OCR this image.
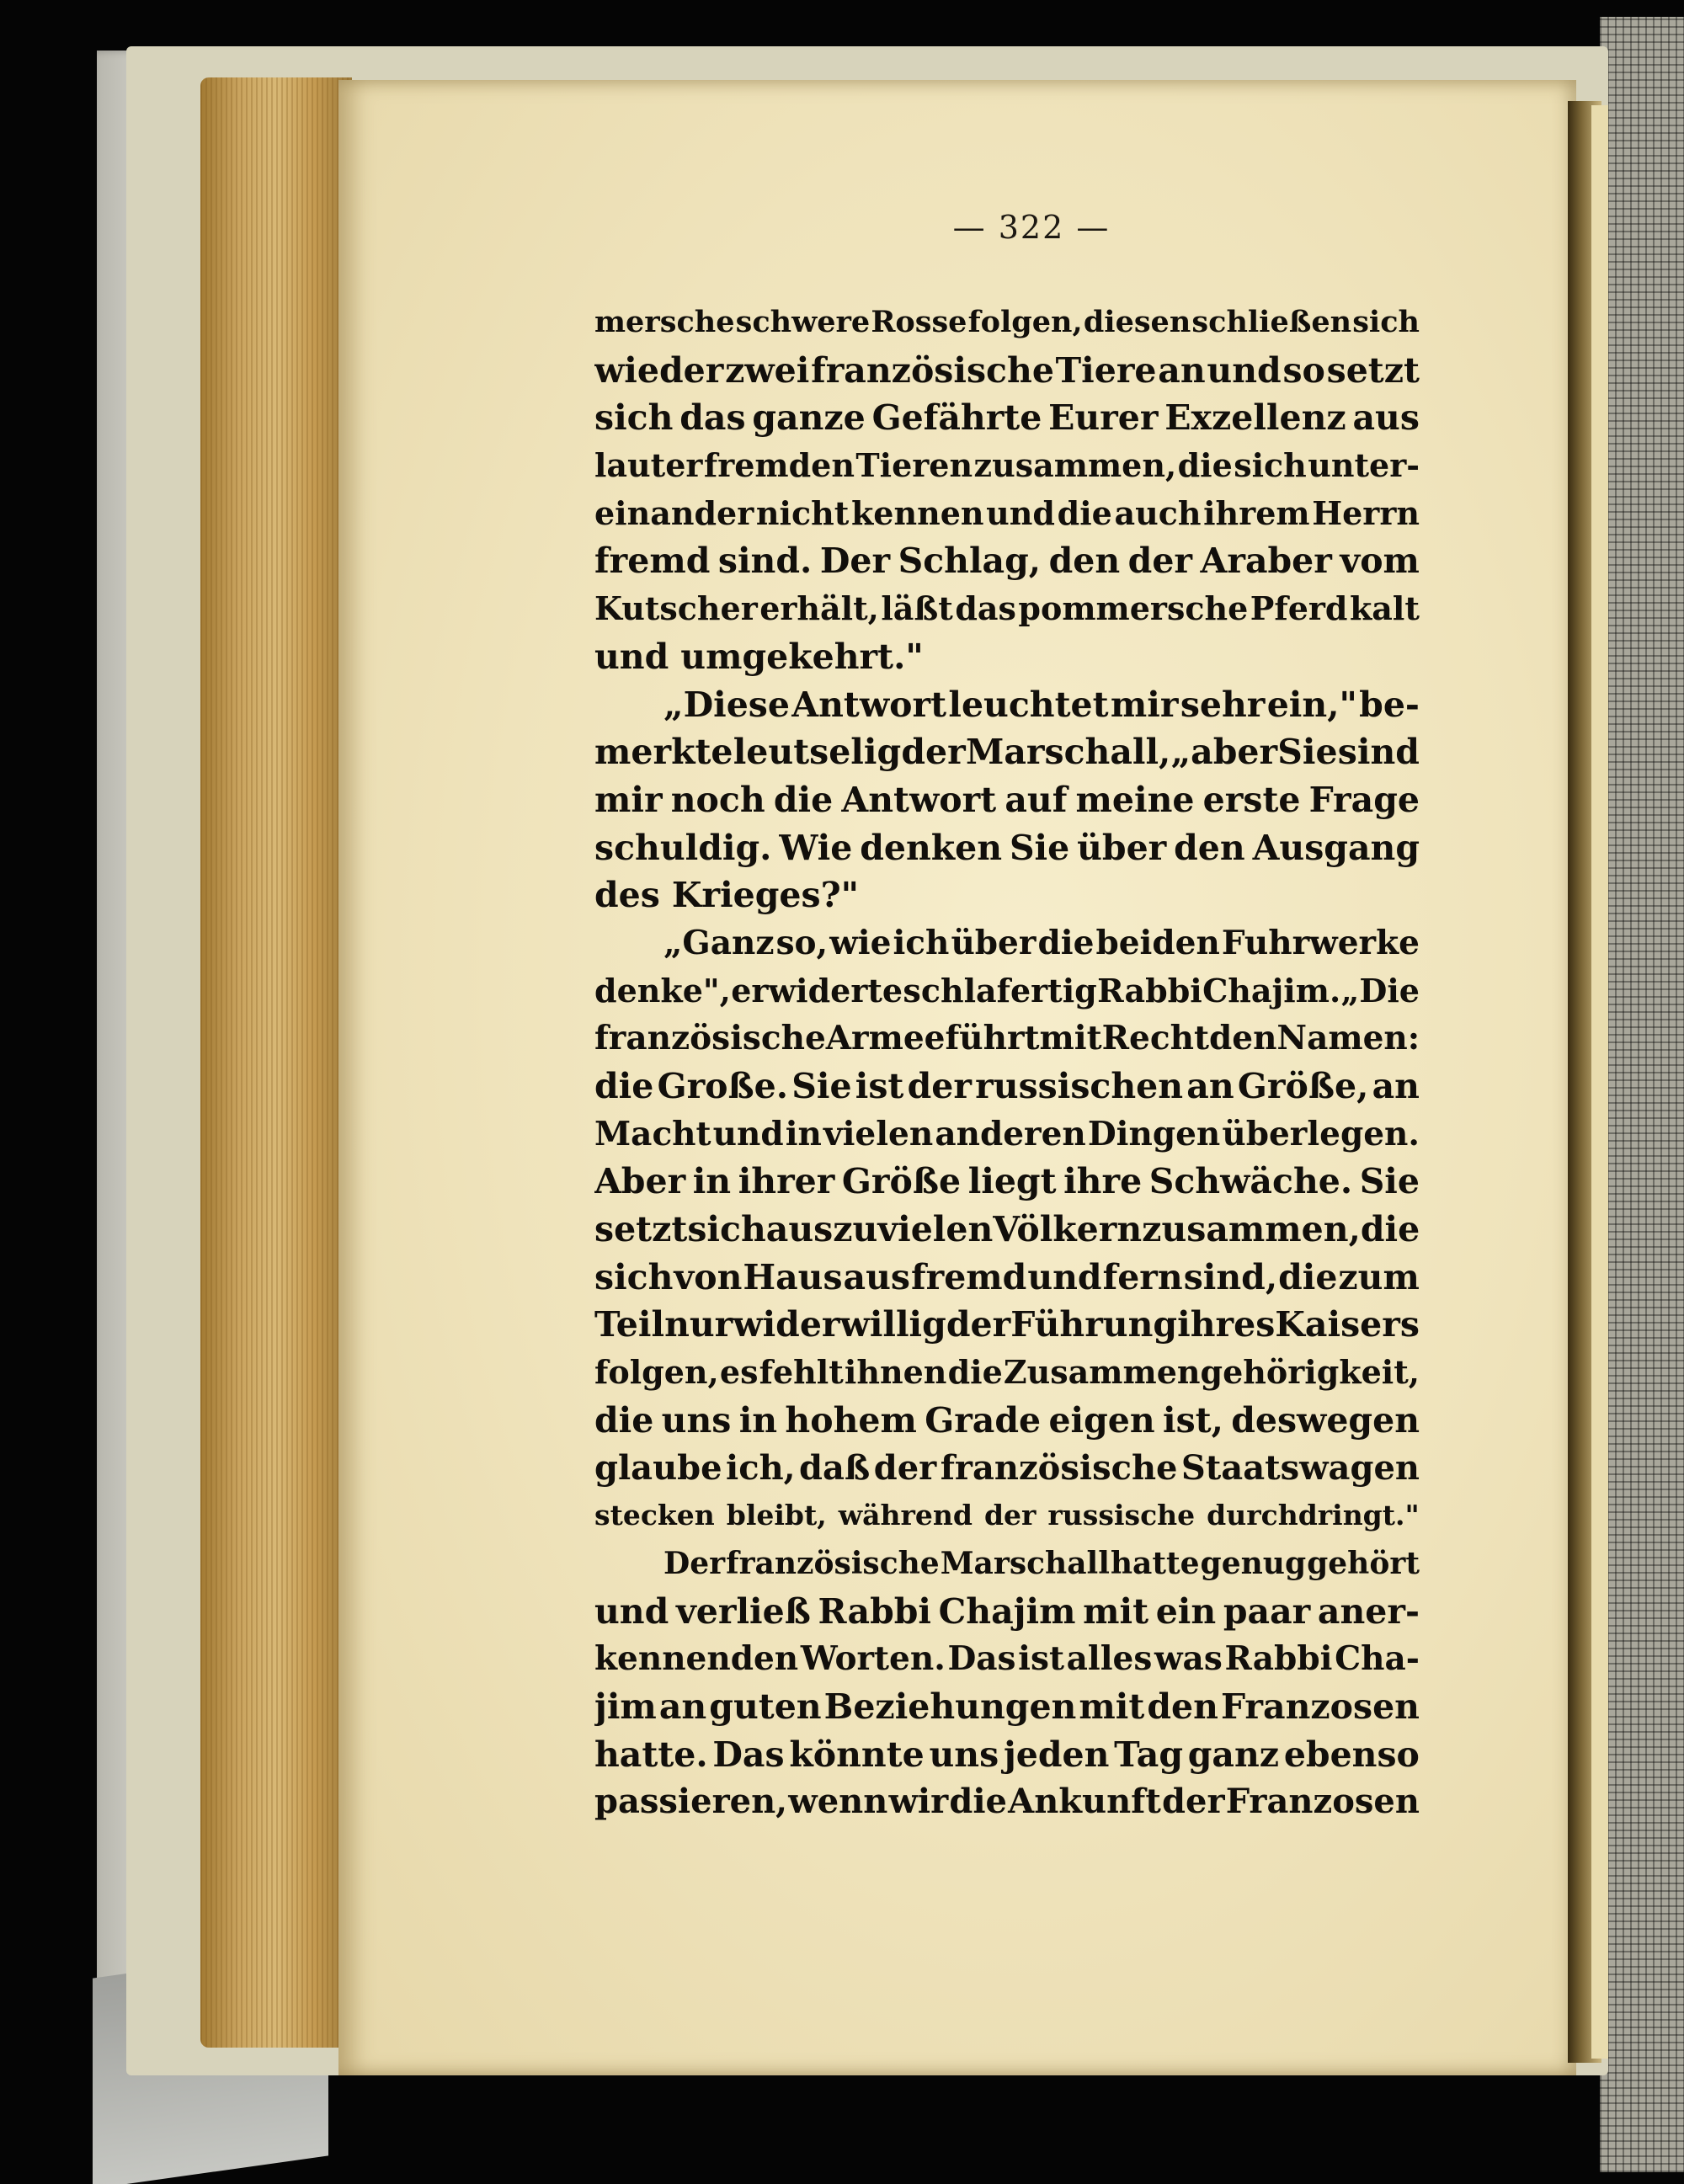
— 322 —
mersche schwere Rosse folgen, diesen schließen sich
wieder zwei französische Tiere an und so setzt
sich das ganze Gefährte Eurer Exzellenz aus
lauter fremden Tieren zusammen, die sich unter-
einander nicht kennen und die auch ihrem Herrn
fremd sind. Der Schlag, den der Araber vom
Kutscher erhält, läßt das pommersche Pferd kalt
und umgekehrt."
„Diese Antwort leuchtet mir sehr ein," be-
merkte leutselig der Marschall, „aber Sie sind
mir noch die Antwort auf meine erste Frage
schuldig. Wie denken Sie über den Ausgang
des Krieges?"
„Ganz so, wie ich über die beiden Fuhrwerke
denke", erwiderte schlafertig Rabbi Chajim. „Die
französische Armee führt mit Recht den Namen:
die Große. Sie ist der russischen an Größe, an
Macht und in vielen anderen Dingen überlegen.
Aber in ihrer Größe liegt ihre Schwäche. Sie
setzt sich aus zu vielen Völkern zusammen, die
sich von Haus aus fremd und fern sind, die zum
Teil nur widerwillig der Führung ihres Kaisers
folgen, es fehlt ihnen die Zusammengehörigkeit,
die uns in hohem Grade eigen ist, deswegen
glaube ich, daß der französische Staatswagen
stecken bleibt, während der russische durchdringt."
Der französische Marschall hatte genug gehört
und verließ Rabbi Chajim mit ein paar aner-
kennenden Worten. Das ist alles was Rabbi Cha-
jim an guten Beziehungen mit den Franzosen
hatte. Das könnte uns jeden Tag ganz ebenso
passieren, wenn wir die Ankunft der Franzosen
